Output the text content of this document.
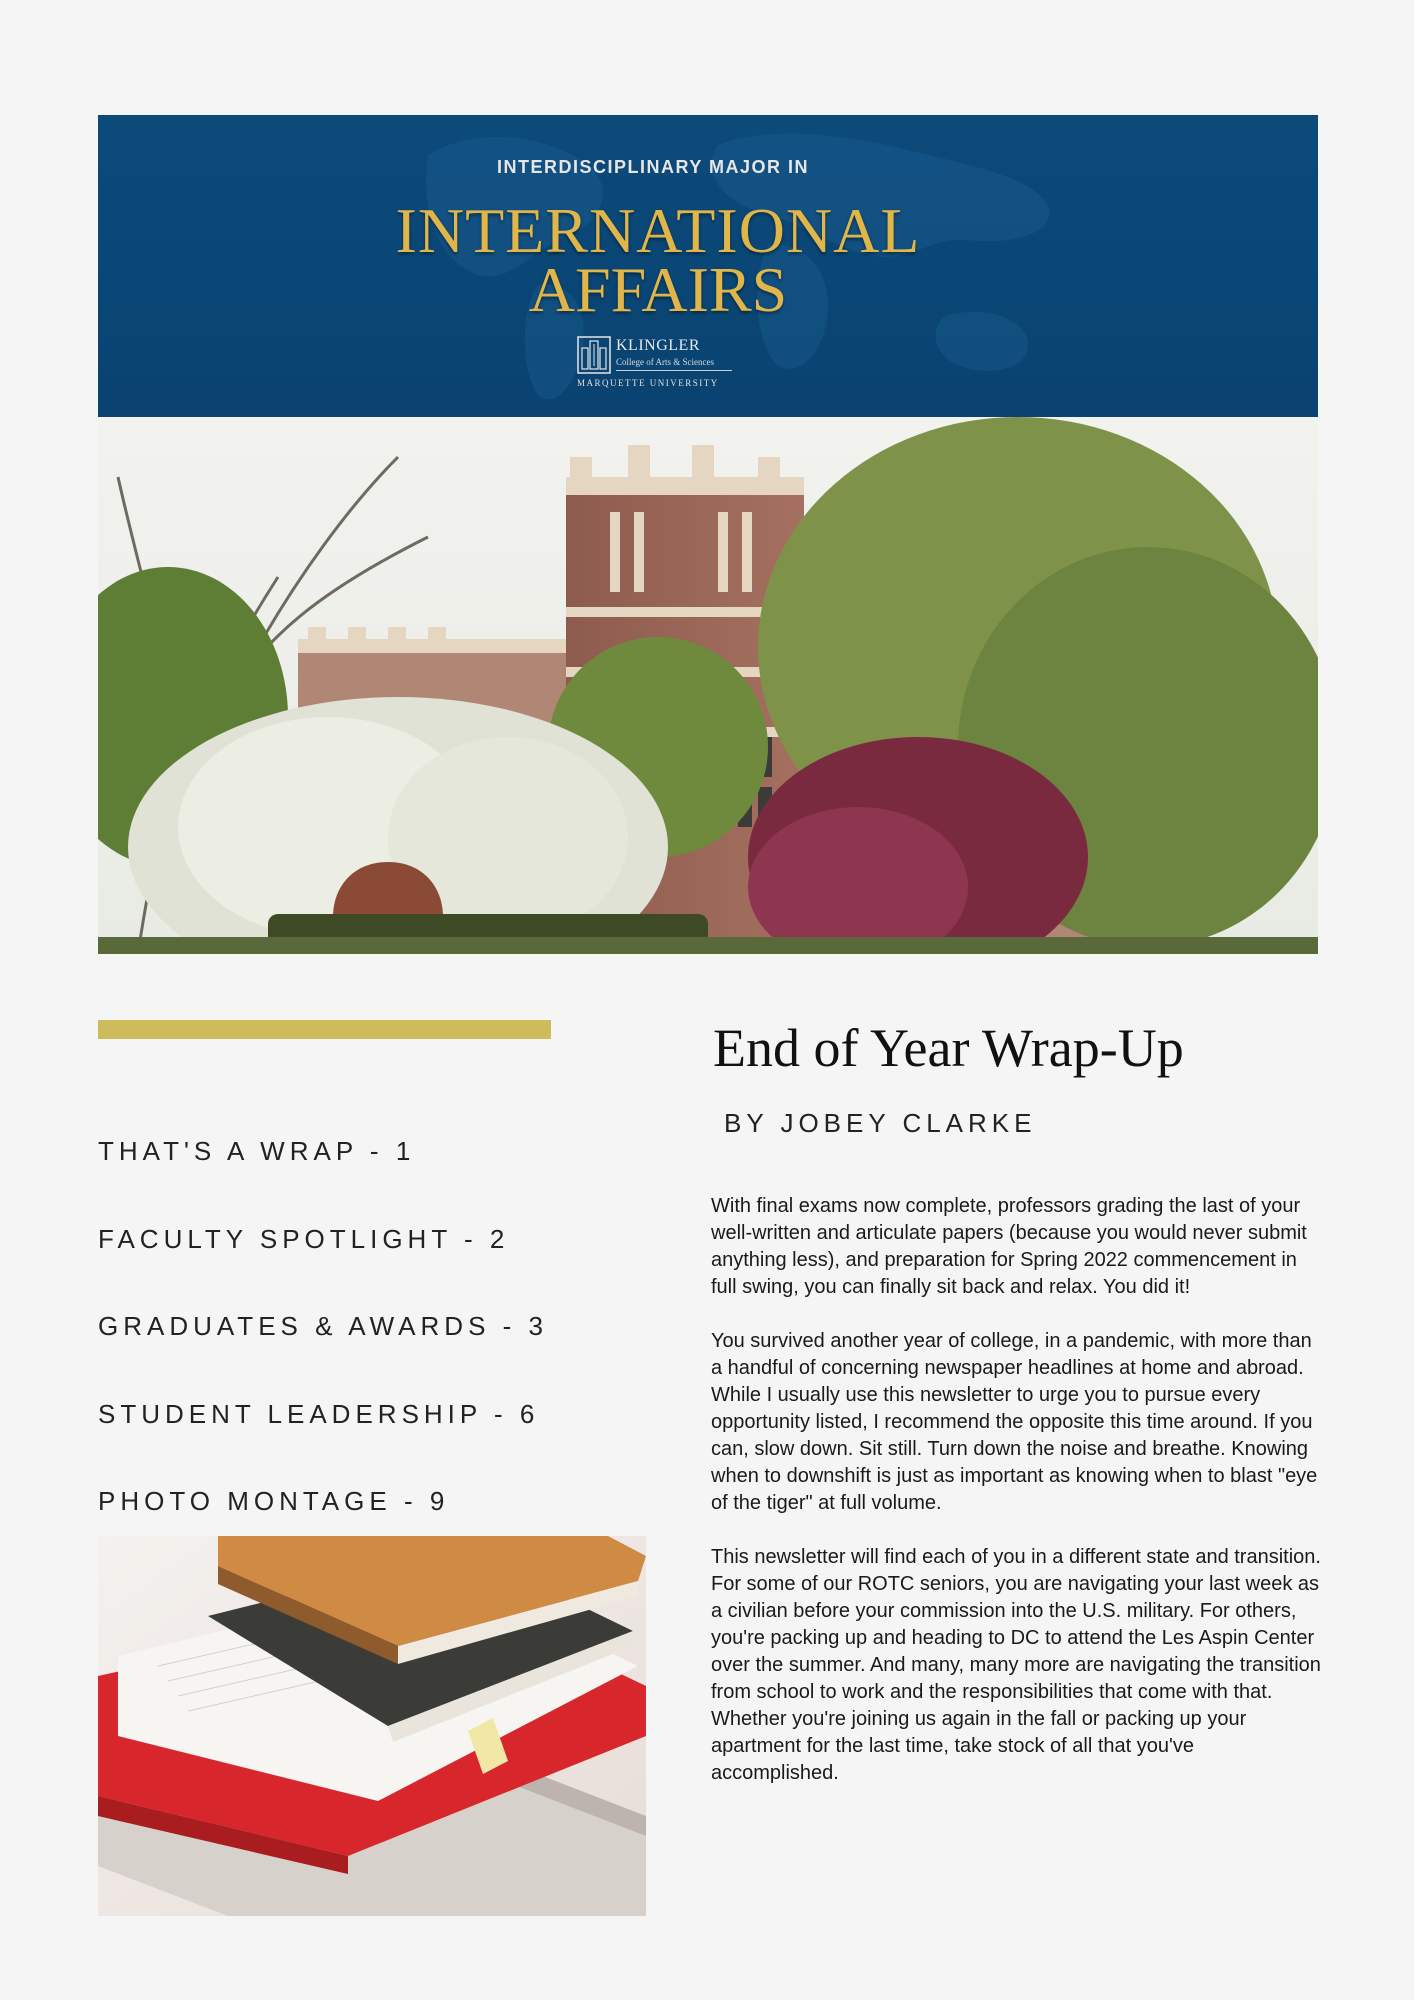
INTERDISCIPLINARY MAJOR IN
INTERNATIONAL
AFFAIRS
KLINGLER
College of Arts & Sciences
MARQUETTE UNIVERSITY
THAT'S A WRAP - 1
FACULTY SPOTLIGHT - 2
GRADUATES & AWARDS - 3
STUDENT LEADERSHIP - 6
PHOTO MONTAGE - 9
End of Year Wrap-Up
BY JOBEY CLARKE

With final exams now complete, professors grading the last of your well-written and articulate papers (because you would never submit anything less), and preparation for Spring 2022 commencement in full swing, you can finally sit back and relax. You did it!

You survived another year of college, in a pandemic, with more than a handful of concerning newspaper headlines at home and abroad. While I usually use this newsletter to urge you to pursue every opportunity listed, I recommend the opposite this time around. If you can, slow down. Sit still. Turn down the noise and breathe. Knowing when to downshift is just as important as knowing when to blast "eye of the tiger" at full volume.

This newsletter will find each of you in a different state and transition. For some of our ROTC seniors, you are navigating your last week as a civilian before your commission into the U.S. military. For others, you're packing up and heading to DC to attend the Les Aspin Center over the summer. And many, many more are navigating the transition from school to work and the responsibilities that come with that. Whether you're joining us again in the fall or packing up your apartment for the last time, take stock of all that you've accomplished.
